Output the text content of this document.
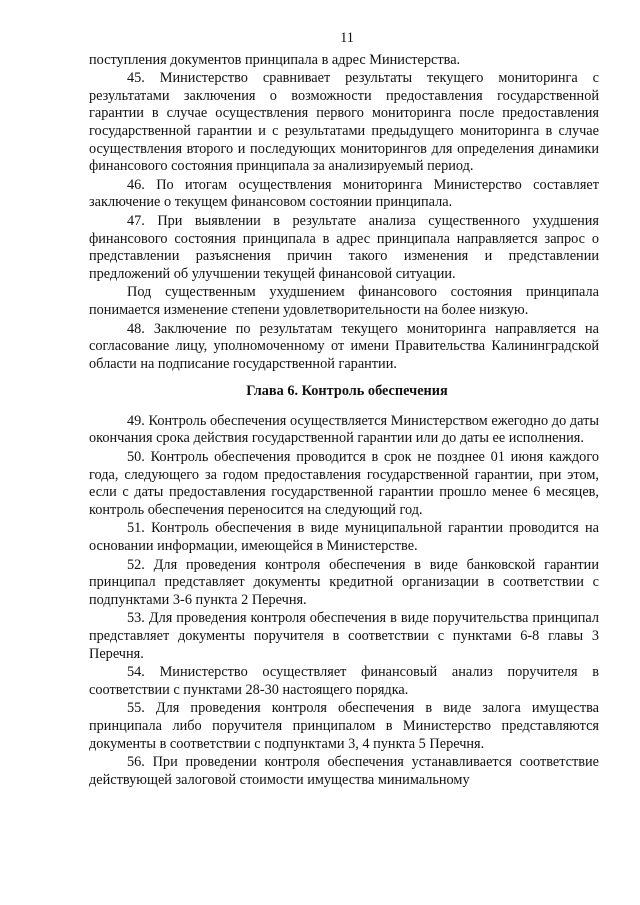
11

поступления документов принципала в адрес Министерства.

45. Министерство сравнивает результаты текущего мониторинга с результатами заключения о возможности предоставления государственной гарантии в случае осуществления первого мониторинга после предоставления государственной гарантии и с результатами предыдущего мониторинга в случае осуществления второго и последующих мониторингов для определения динамики финансового состояния принципала за анализируемый период.

46. По итогам осуществления мониторинга Министерство составляет заключение о текущем финансовом состоянии принципала.

47. При выявлении в результате анализа существенного ухудшения финансового состояния принципала в адрес принципала направляется запрос о представлении разъяснения причин такого изменения и представлении предложений об улучшении текущей финансовой ситуации.

Под существенным ухудшением финансового состояния принципала понимается изменение степени удовлетворительности на более низкую.

48. Заключение по результатам текущего мониторинга направляется на согласование лицу, уполномоченному от имени Правительства Калининградской области на подписание государственной гарантии.

Глава 6. Контроль обеспечения

49. Контроль обеспечения осуществляется Министерством ежегодно до даты окончания срока действия государственной гарантии или до даты ее исполнения.

50. Контроль обеспечения проводится в срок не позднее 01 июня каждого года, следующего за годом предоставления государственной гарантии, при этом, если с даты предоставления государственной гарантии прошло менее 6 месяцев, контроль обеспечения переносится на следующий год.

51. Контроль обеспечения в виде муниципальной гарантии проводится на основании информации, имеющейся в Министерстве.

52. Для проведения контроля обеспечения в виде банковской гарантии принципал представляет документы кредитной организации в соответствии с подпунктами 3-6 пункта 2 Перечня.

53. Для проведения контроля обеспечения в виде поручительства принципал представляет документы поручителя в соответствии с пунктами 6-8 главы 3 Перечня.

54. Министерство осуществляет финансовый анализ поручителя в соответствии с пунктами 28-30 настоящего порядка.

55. Для проведения контроля обеспечения в виде залога имущества принципала либо поручителя принципалом в Министерство представляются документы в соответствии с подпунктами 3, 4 пункта 5 Перечня.

56. При проведении контроля обеспечения устанавливается соответствие действующей залоговой стоимости имущества минимальному
